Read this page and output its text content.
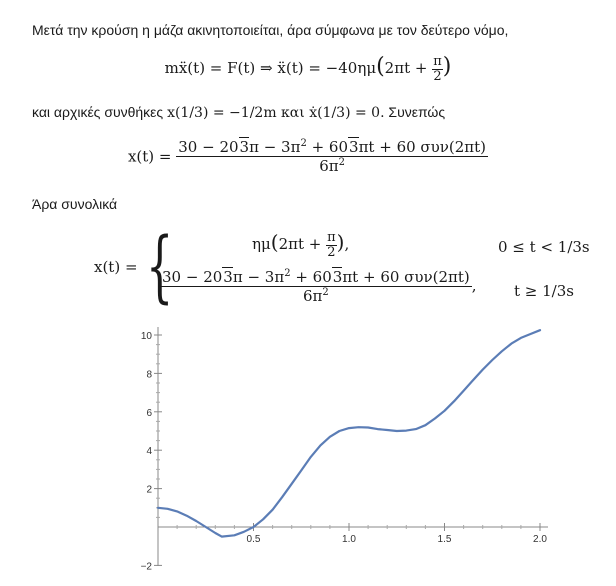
Μετά την κρούση η μάζα ακινητοποιείται, άρα σύμφωνα με τον δεύτερο νόμο,
mẍ(t) = F(t) ⇒ ẍ(t) = $-40\eta\mu(2\pi t + \frac{\pi}{2}$ )
και αρχικές συνθήκες x(1/3) = −1/2m και ẋ(1/3) = 0. Συνεπώς
$x(t) = \frac{30 - 203\pi - 3\pi^2 + 603\pi t + 60 \sigma\upsilon\nu(2\pi t)}{6\pi^2}$
Άρα συνολικά
x(t) = {	$\eta\mu(2\pi t + \frac{\pi}{2}$ ),	0 ≤ t < 1/3s
$\frac{30 - 203\pi - 3\pi^2 + 603\pi t + 60 \sigma\upsilon\nu(2\pi t)}{6\pi^2}$ , t ≥ 1/3s
0.5	1.0	1.5	2.0
−2
2
4
6
8
10
